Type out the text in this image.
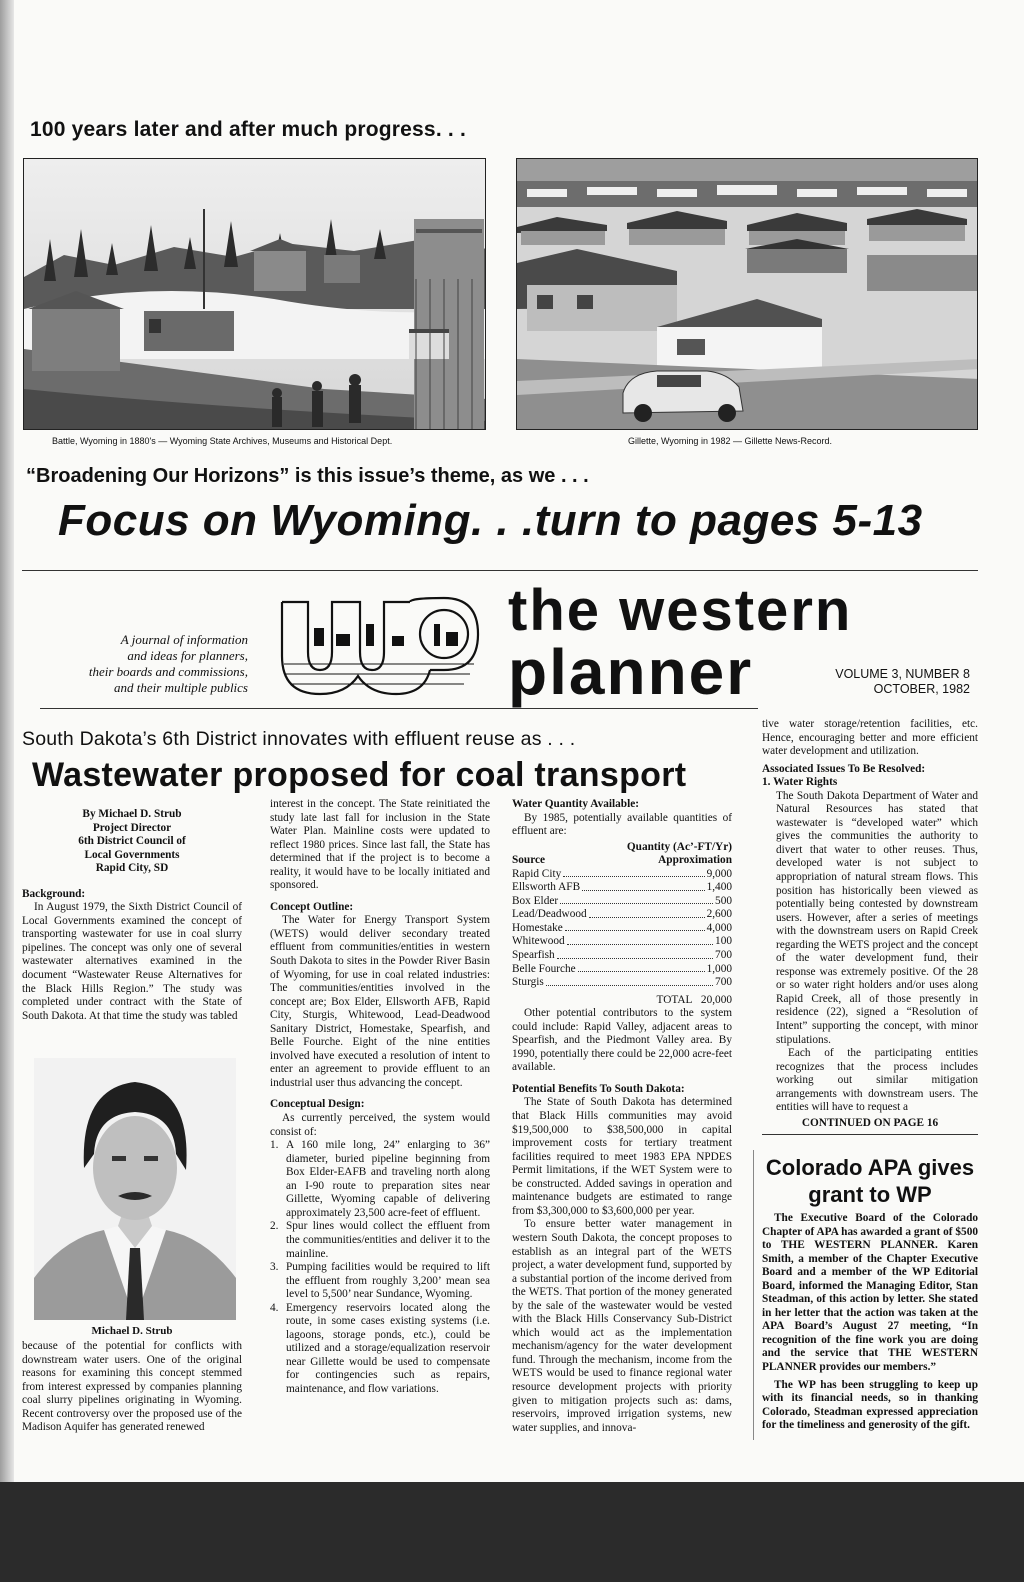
100 years later and after much progress. . .
Battle, Wyoming in 1880's — Wyoming State Archives, Museums and Historical Dept.	Gillette, Wyoming in 1982 — Gillette News-Record.
“Broadening Our Horizons” is this issue’s theme, as we . . .
Focus on Wyoming. . .turn to pages 5-13
A journal of information
and ideas for planners,
their boards and commissions,
and their multiple publics
the western
planner	VOLUME 3, NUMBER 8
OCTOBER, 1982
South Dakota’s 6th District innovates with effluent reuse as . . .
Wastewater proposed for coal transport
By Michael D. Strub
Project Director
6th District Council of
Local Governments
Rapid City, SD
Background:

In August 1979, the Sixth District Council of Local Governments examined the concept of transporting wastewater for use in coal slurry pipelines. The concept was only one of several wastewater alternatives examined in the document “Wastewater Reuse Alternatives for the Black Hills Region.” The study was completed under contract with the State of South Dakota. At that time the study was tabled

Michael D. Strub

because of the potential for conflicts with downstream water users. One of the original reasons for examining this concept stemmed from interest expressed by companies planning coal slurry pipelines originating in Wyoming. Recent controversy over the proposed use of the Madison Aquifer has generated renewed

interest in the concept. The State reinitiated the study late last fall for inclusion in the State Water Plan. Mainline costs were updated to reflect 1980 prices. Since last fall, the State has determined that if the project is to become a reality, it would have to be locally initiated and sponsored.

Concept Outline:

The Water for Energy Transport System (WETS) would deliver secondary treated effluent from communities/entities in western South Dakota to sites in the Powder River Basin of Wyoming, for use in coal related industries: The communities/entities involved in the concept are; Box Elder, Ellsworth AFB, Rapid City, Sturgis, Whitewood, Lead-Deadwood Sanitary District, Homestake, Spearfish, and Belle Fourche. Eight of the nine entities involved have executed a resolution of intent to enter an agreement to provide effluent to an industrial user thus advancing the concept.

Conceptual Design:

As currently perceived, the system would consist of:

1. A 160 mile long, 24” enlarging to 36” diameter, buried pipeline beginning from Box Elder-EAFB and traveling north along an I-90 route to preparation sites near Gillette, Wyoming capable of delivering approximately 23,500 acre-feet of effluent.
2. Spur lines would collect the effluent from the communities/entities and deliver it to the mainline.
3. Pumping facilities would be required to lift the effluent from roughly 3,200’ mean sea level to 5,500’ near Sundance, Wyoming.
4. Emergency reservoirs located along the route, in some cases existing systems (i.e. lagoons, storage ponds, etc.), could be utilized and a storage/equalization reservoir near Gillette would be used to compensate for contingencies such as repairs, maintenance, and flow variations.
Water Quantity Available:

By 1985, potentially available quantities of effluent are:

Quantity (Ac’-FT/Yr)
Source	Approximation
Rapid City	9,000
Ellsworth AFB	1,400
Box Elder	500
Lead/Deadwood	2,600
Homestake	4,000
Whitewood	100
Spearfish	700
Belle Fourche	1,000
Sturgis	700
TOTAL 20,000

Other potential contributors to the system could include: Rapid Valley, adjacent areas to Spearfish, and the Piedmont Valley area. By 1990, potentially there could be 22,000 acre-feet available.

Potential Benefits To South Dakota:

The State of South Dakota has determined that Black Hills communities may avoid $19,500,000 to $38,500,000 in capital improvement costs for tertiary treatment facilities required to meet 1983 EPA NPDES Permit limitations, if the WET System were to be constructed. Added savings in operation and maintenance budgets are estimated to range from $3,300,000 to $3,600,000 per year.

To ensure better water management in western South Dakota, the concept proposes to establish as an integral part of the WETS project, a water development fund, supported by a substantial portion of the income derived from the WETS. That portion of the money generated by the sale of the wastewater would be vested with the Black Hills Conservancy Sub-District which would act as the implementation mechanism/agency for the water development fund. Through the mechanism, income from the WETS would be used to finance regional water resource development projects with priority given to mitigation projects such as: dams, reservoirs, improved irrigation systems, new water supplies, and innova-

tive water storage/retention facilities, etc. Hence, encouraging better and more efficient water development and utilization.

Associated Issues To Be Resolved:
1. Water Rights

The South Dakota Department of Water and Natural Resources has stated that wastewater is “developed water” which gives the communities the authority to divert that water to other reuses. Thus, developed water is not subject to appropriation of natural stream flows. This position has historically been viewed as potentially being contested by downstream users. However, after a series of meetings with the downstream users on Rapid Creek regarding the WETS project and the concept of the water development fund, their response was extremely positive. Of the 28 or so water right holders and/or uses along Rapid Creek, all of those presently in residence (22), signed a “Resolution of Intent” supporting the concept, with minor stipulations.

Each of the participating entities recognizes that the process includes working out similar mitigation arrangements with downstream users. The entities will have to request a

CONTINUED ON PAGE 16
Colorado APA gives grant to WP

The Executive Board of the Colorado Chapter of APA has awarded a grant of $500 to THE WESTERN PLANNER. Karen Smith, a member of the Chapter Executive Board and a member of the WP Editorial Board, informed the Managing Editor, Stan Steadman, of this action by letter. She stated in her letter that the action was taken at the APA Board’s August 27 meeting, “In recognition of the fine work you are doing and the service that THE WESTERN PLANNER provides our members.”

The WP has been struggling to keep up with its financial needs, so in thanking Colorado, Steadman expressed appreciation for the timeliness and generosity of the gift.
